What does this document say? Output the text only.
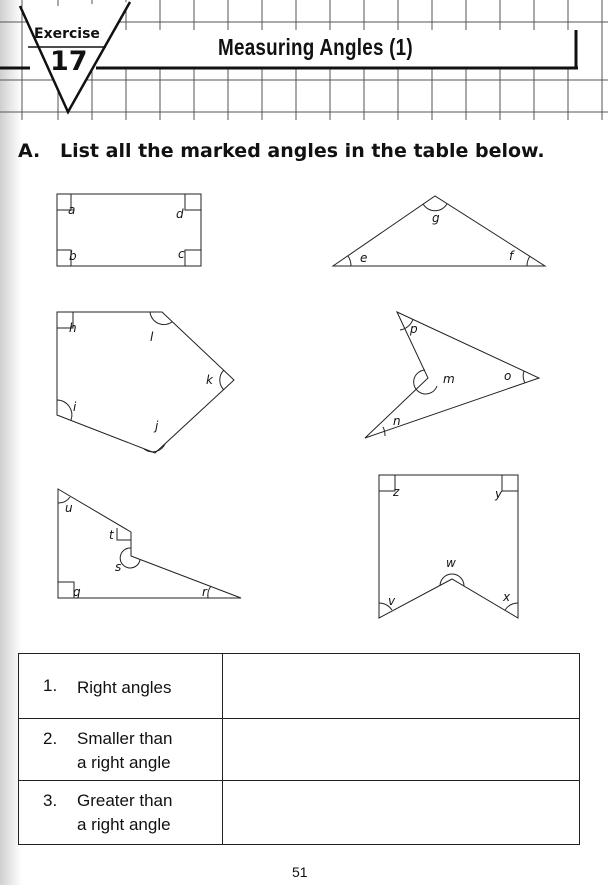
Exercise
17	Measuring Angles (1)
A. List all the marked angles in the table below.
a
b	c
d
e	f
g
h
i
j
k
l
m
n
o
p
q	r
s
t
u
v
w
x
y
z
1. Right angles
2. Smaller than
a right angle
3. Greater than
a right angle
51
